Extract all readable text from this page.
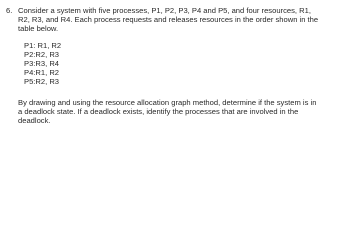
6. Consider a system with five processes, P1, P2, P3, P4 and P5, and four resources, R1,
R2, R3, and R4. Each process requests and releases resources in the order shown in the
table below.

P1: R1, R2
P2:R2, R3
P3:R3, R4
P4:R1, R2
P5:R2, R3

By drawing and using the resource allocation graph method, determine if the system is in
a deadlock state. If a deadlock exists, identify the processes that are involved in the
deadlock.
